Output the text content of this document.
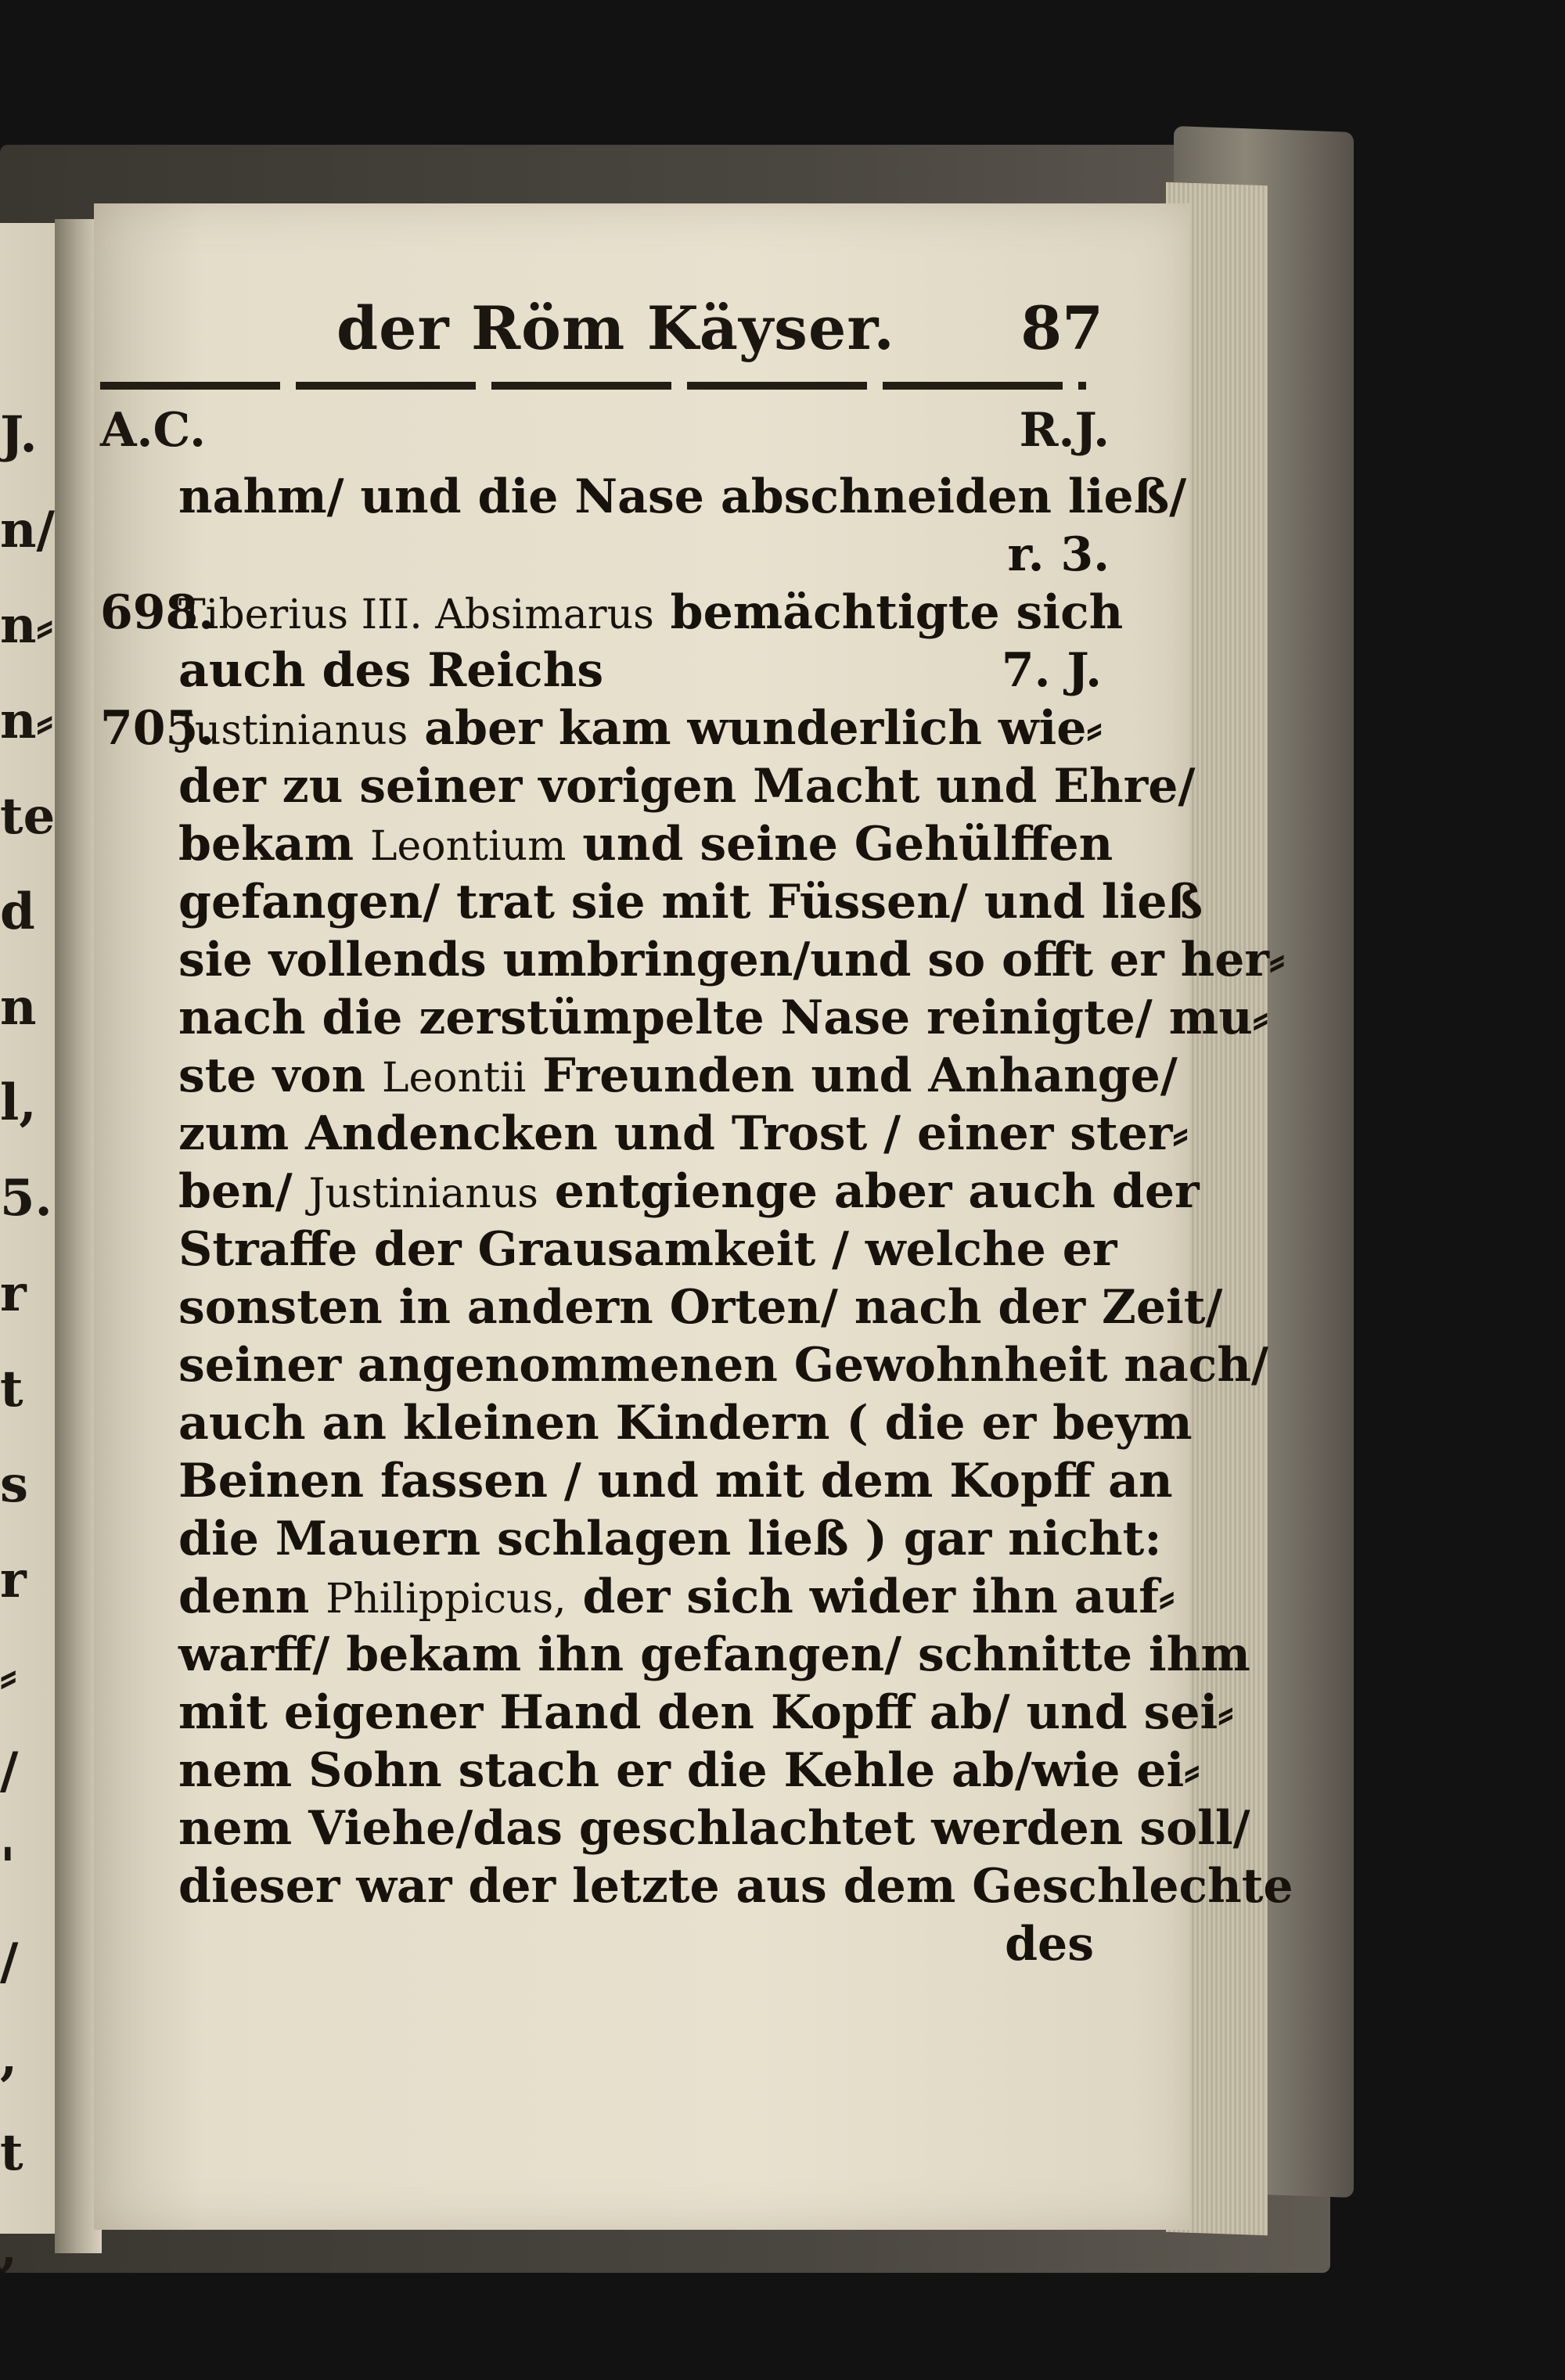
J.
n/
n⸗
n⸗
te
d
n
l,
5.
r
t
s
r
⸗
/
'
/
,
t
,
der Röm Käyser. 87
A.C.	R.J.
nahm/ und die Nase abschneiden ließ/
r. 3.
698.Tiberius III. Absimarus bemächtigte sich
auch des Reichs	7. J.
705.Justinianus aber kam wunderlich wie⸗
der zu seiner vorigen Macht und Ehre/
bekam Leontium und seine Gehülffen
gefangen/ trat sie mit Füssen/ und ließ
sie vollends umbringen/und so offt er her⸗
nach die zerstümpelte Nase reinigte/ mu⸗
ste von Leontii Freunden und Anhange/
zum Andencken und Trost / einer ster⸗
ben/ Justinianus entgienge aber auch der
Straffe der Grausamkeit / welche er
sonsten in andern Orten/ nach der Zeit/
seiner angenommenen Gewohnheit nach/
auch an kleinen Kindern ( die er beym
Beinen fassen / und mit dem Kopff an
die Mauern schlagen ließ ) gar nicht:
denn Philippicus, der sich wider ihn auf⸗
warff/ bekam ihn gefangen/ schnitte ihm
mit eigener Hand den Kopff ab/ und sei⸗
nem Sohn stach er die Kehle ab/wie ei⸗
nem Viehe/das geschlachtet werden soll/
dieser war der letzte aus dem Geschlechte
des
